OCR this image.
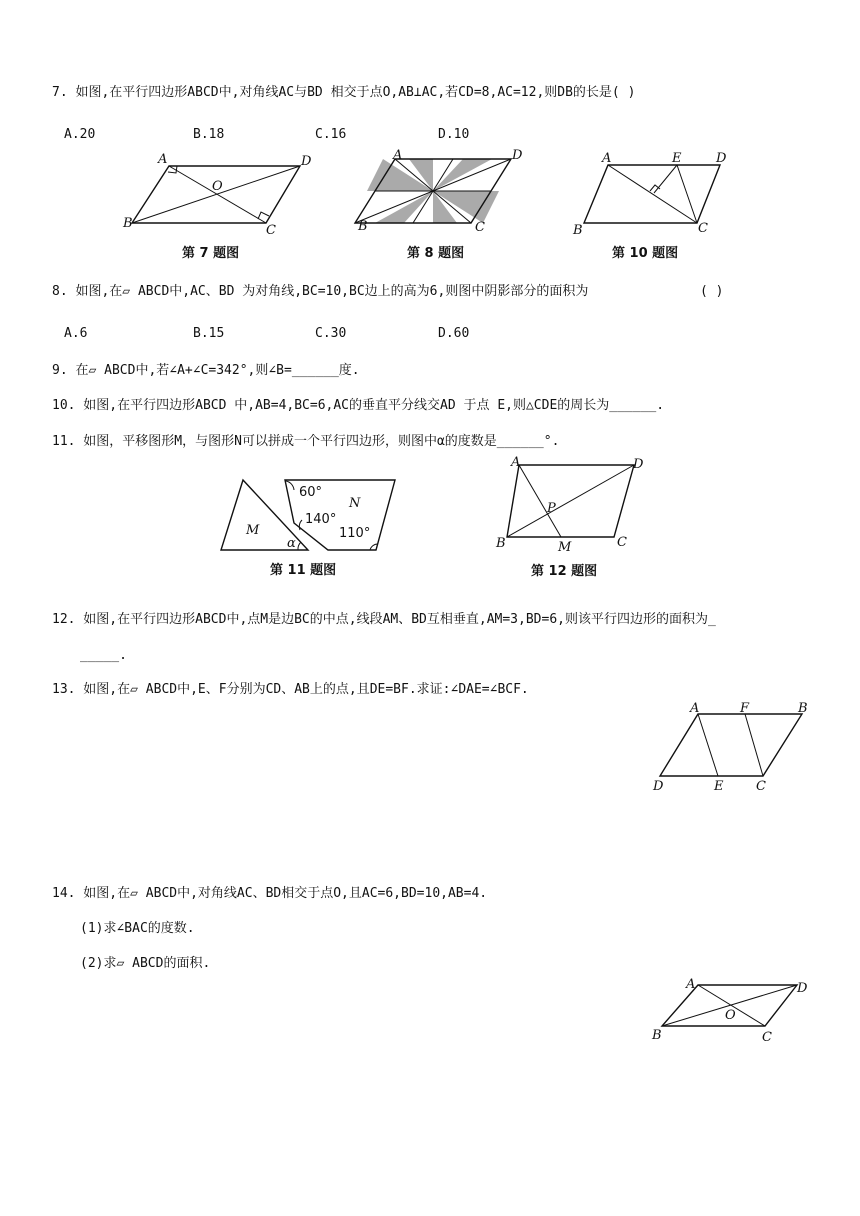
7. 如图,在平行四边形ABCD中,对角线AC与BD 相交于点O,AB⊥AC,若CD=8,AC=12,则DB的长是( )
A.20	B.18	C.16	D.10
A	D
B	C
O
第 7 题图
A	D
B	C
第 8 题图
A	E	D
B	C
第 10 题图
8. 如图,在▱ ABCD中,AC、BD 为对角线,BC=10,BC边上的高为6,则图中阴影部分的面积为	( )
A.6	B.15	C.30	D.60
9. 在▱ ABCD中,若∠A+∠C=342°,则∠B=______度.
10. 如图,在平行四边形ABCD 中,AB=4,BC=6,AC的垂直平分线交AD 于点 E,则△CDE的周长为______.
11. 如图，平移图形M，与图形N可以拼成一个平行四边形，则图中α的度数是______°.
M
N
α
60°
140°
110°
第 11 题图
A	D
B	C
P
M
第 12 题图
12. 如图,在平行四边形ABCD中,点M是边BC的中点,线段AM、BD互相垂直,AM=3,BD=6,则该平行四边形的面积为_
_____.
13. 如图,在▱ ABCD中,E、F分别为CD、AB上的点,且DE=BF.求证:∠DAE=∠BCF.
A	F	B
D	E	C
14. 如图,在▱ ABCD中,对角线AC、BD相交于点O,且AC=6,BD=10,AB=4.
(1)求∠BAC的度数.
(2)求▱ ABCD的面积.
A	D
B	C
O
